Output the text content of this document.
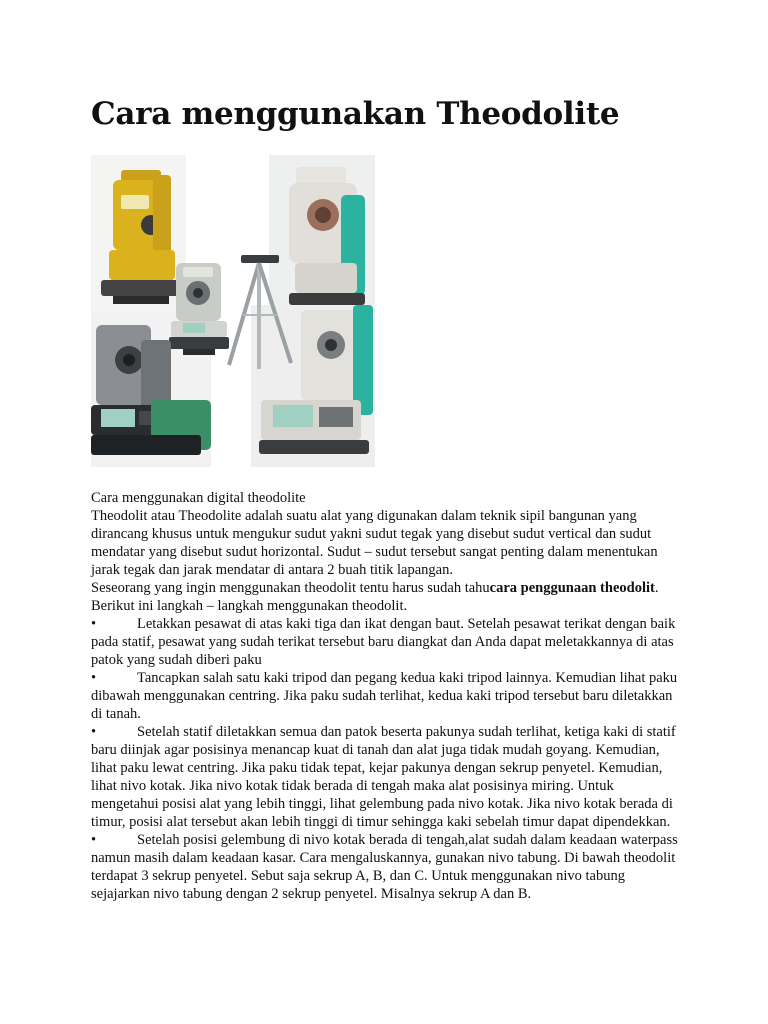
Cara menggunakan Theodolite

Cara menggunakan digital theodolite

Theodolit atau Theodolite adalah suatu alat yang digunakan dalam teknik sipil bangunan yang dirancang khusus untuk mengukur sudut yakni sudut tegak yang disebut sudut vertical dan sudut mendatar yang disebut sudut horizontal. Sudut – sudut tersebut sangat penting dalam menentukan jarak tegak dan jarak mendatar di antara 2 buah titik lapangan.

Seseorang yang ingin menggunakan theodolit tentu harus sudah tahucara penggunaan theodolit. Berikut ini langkah – langkah menggunakan theodolit.

•	Letakkan pesawat di atas kaki tiga dan ikat dengan baut. Setelah pesawat terikat dengan baik pada statif, pesawat yang sudah terikat tersebut baru diangkat dan Anda dapat meletakkannya di atas patok yang sudah diberi paku

•	Tancapkan salah satu kaki tripod dan pegang kedua kaki tripod lainnya. Kemudian lihat paku dibawah menggunakan centring. Jika paku sudah terlihat, kedua kaki tripod tersebut baru diletakkan di tanah.

•	Setelah statif diletakkan semua dan patok beserta pakunya sudah terlihat, ketiga kaki di statif baru diinjak agar posisinya menancap kuat di tanah dan alat juga tidak mudah goyang. Kemudian, lihat paku lewat centring. Jika paku tidak tepat, kejar pakunya dengan sekrup penyetel. Kemudian, lihat nivo kotak. Jika nivo kotak tidak berada di tengah maka alat posisinya miring. Untuk mengetahui posisi alat yang lebih tinggi, lihat gelembung pada nivo kotak. Jika nivo kotak berada di timur, posisi alat tersebut akan lebih tinggi di timur sehingga kaki sebelah timur dapat dipendekkan.

•	Setelah posisi gelembung di nivo kotak berada di tengah,alat sudah dalam keadaan waterpass namun masih dalam keadaan kasar. Cara mengaluskannya, gunakan nivo tabung. Di bawah theodolit terdapat 3 sekrup penyetel. Sebut saja sekrup A, B, dan C. Untuk menggunakan nivo tabung sejajarkan nivo tabung dengan 2 sekrup penyetel. Misalnya sekrup A dan B.
